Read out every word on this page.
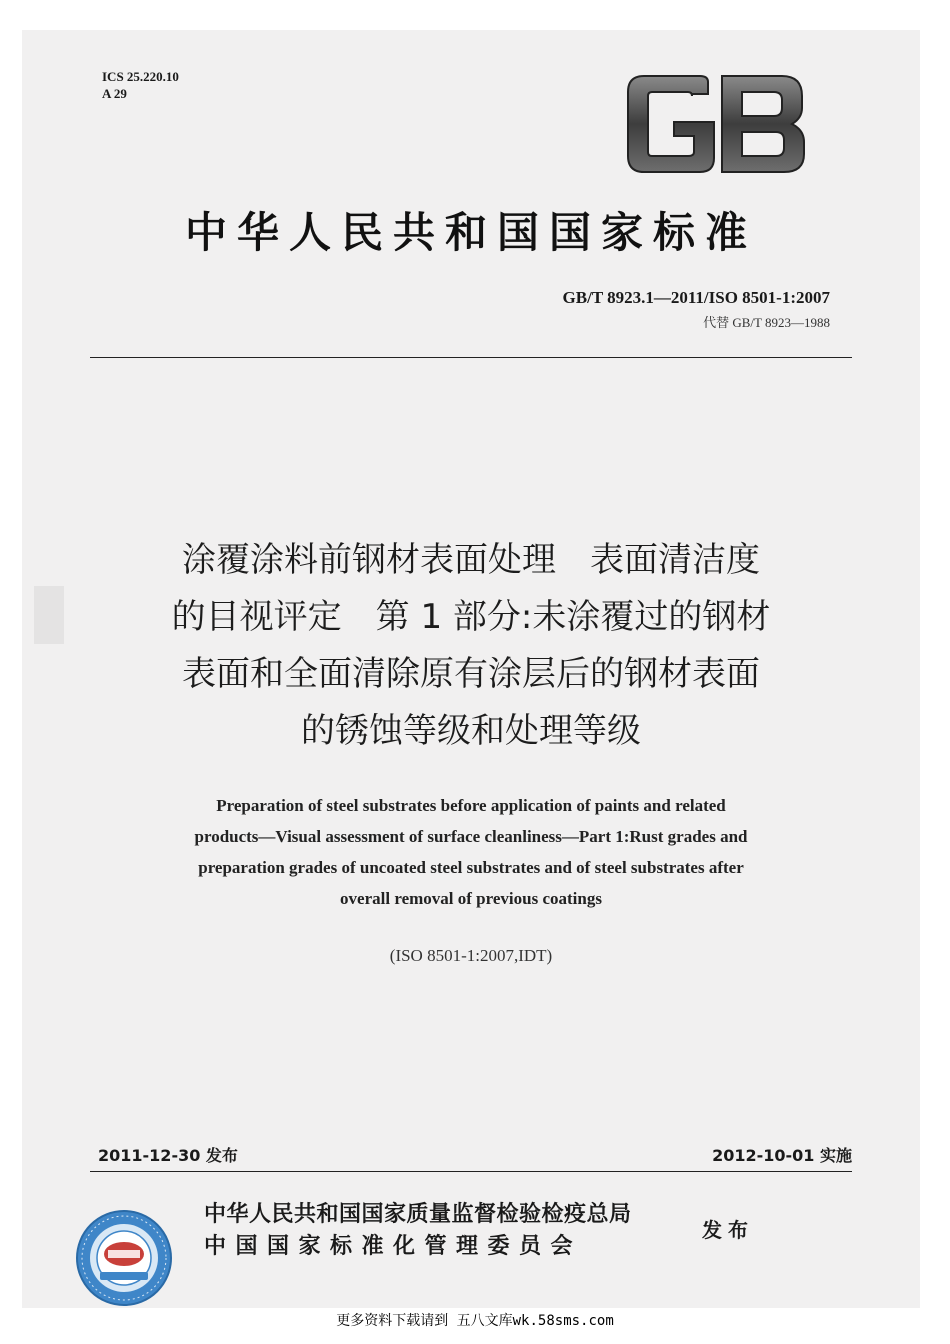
ICS 25.220.10
A 29
中华人民共和国国家标准
GB/T 8923.1—2011/ISO 8501-1:2007
代替 GB/T 8923—1988
涂覆涂料前钢材表面处理　表面清洁度
的目视评定　第 1 部分:未涂覆过的钢材
表面和全面清除原有涂层后的钢材表面
的锈蚀等级和处理等级
Preparation of steel substrates before application of paints and related
products—Visual assessment of surface cleanliness—Part 1:Rust grades and
preparation grades of uncoated steel substrates and of steel substrates after
overall removal of previous coatings
(ISO 8501-1:2007,IDT)
2011-12-30 发布	2012-10-01 实施
中华人民共和国国家质量监督检验检疫总局
中国国家标准化管理委员会
发布
更多资料下载请到 五八文库wk.58sms.com
